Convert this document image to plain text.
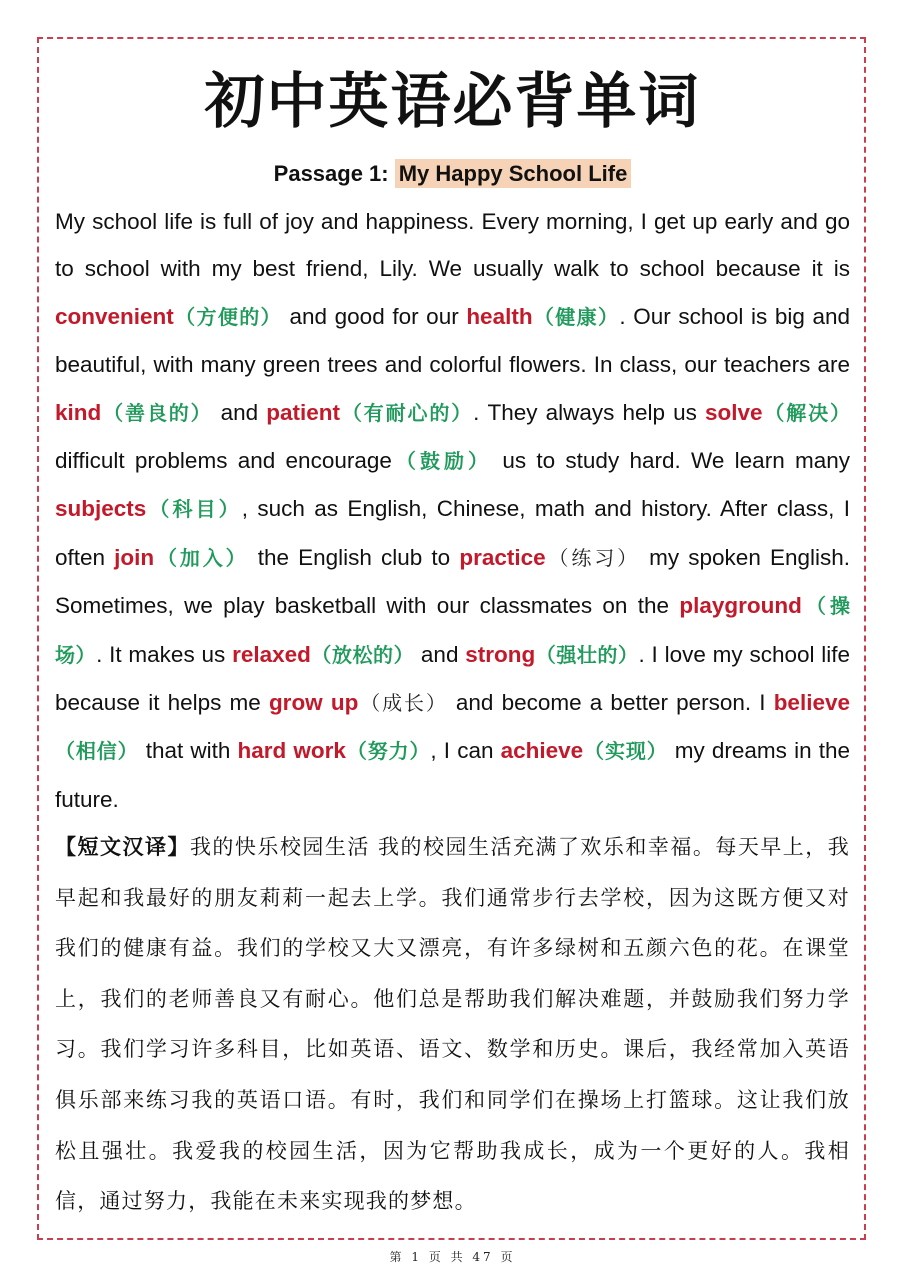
初中英语必背单词
Passage 1: My Happy School Life

My school life is full of joy and happiness. Every morning, I get up early and go to school with my best friend, Lily. We usually walk to school because it is convenient（方便的） and good for our health（健康）. Our school is big and beautiful, with many green trees and colorful flowers. In class, our teachers are kind（善良的） and patient（有耐心的）. They always help us solve（解决） difficult problems and encourage（鼓励） us to study hard. We learn many subjects（科目）, such as English, Chinese, math and history. After class, I often join（加入） the English club to practice（练习） my spoken English. Sometimes, we play basketball with our classmates on the playground（操场）. It makes us relaxed（放松的） and strong（强壮的）. I love my school life because it helps me grow up（成长） and become a better person. I believe（相信） that with hard work（努力）, I can achieve（实现） my dreams in the future.

【短文汉译】我的快乐校园生活 我的校园生活充满了欢乐和幸福。每天早上，我早起和我最好的朋友莉莉一起去上学。我们通常步行去学校，因为这既方便又对我们的健康有益。我们的学校又大又漂亮，有许多绿树和五颜六色的花。在课堂上，我们的老师善良又有耐心。他们总是帮助我们解决难题，并鼓励我们努力学习。我们学习许多科目，比如英语、语文、数学和历史。课后，我经常加入英语俱乐部来练习我的英语口语。有时，我们和同学们在操场上打篮球。这让我们放松且强壮。我爱我的校园生活，因为它帮助我成长，成为一个更好的人。我相信，通过努力，我能在未来实现我的梦想。

第 1 页 共 47 页
